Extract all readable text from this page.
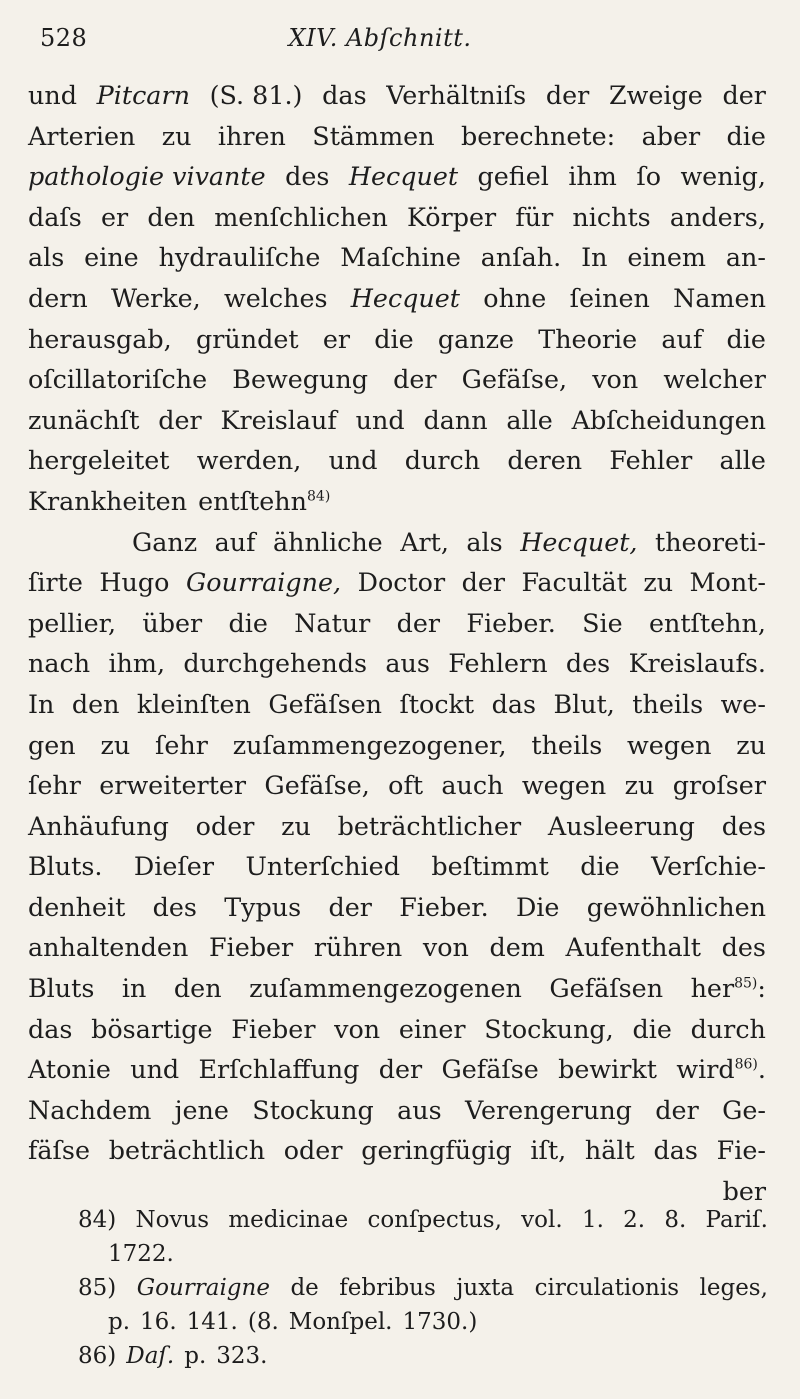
528	XIV. Abſchnitt.
und Pitcarn (S. 81.) das Verhältniſs der Zweige der
Arterien zu ihren Stämmen berechnete: aber die
pathologie vivante des Hecquet gefiel ihm ſo wenig,
daſs er den menſchlichen Körper für nichts anders,
als eine hydrauliſche Maſchine anſah. In einem an-
dern Werke, welches Hecquet ohne ſeinen Namen
herausgab, gründet er die ganze Theorie auf die
oſcillatoriſche Bewegung der Gefäſse, von welcher
zunächſt der Kreislauf und dann alle Abſcheidungen
hergeleitet werden, und durch deren Fehler alle
Krankheiten entſtehn$^{84)}$
Ganz auf ähnliche Art, als Hecquet, theoreti-
ſirte Hugo Gourraigne, Doctor der Facultät zu Mont-
pellier, über die Natur der Fieber. Sie entſtehn,
nach ihm, durchgehends aus Fehlern des Kreislaufs.
In den kleinſten Gefäſsen ſtockt das Blut, theils we-
gen zu ſehr zuſammengezogener, theils wegen zu
ſehr erweiterter Gefäſse, oft auch wegen zu groſser
Anhäufung oder zu beträchtlicher Ausleerung des
Bluts. Dieſer Unterſchied beſtimmt die Verſchie-
denheit des Typus der Fieber. Die gewöhnlichen
anhaltenden Fieber rühren von dem Aufenthalt des
Bluts in den zuſammengezogenen Gefäſsen her$^{85)}$:
das bösartige Fieber von einer Stockung, die durch
Atonie und Erſchlaffung der Gefäſse bewirkt wird$^{86)}$.
Nachdem jene Stockung aus Verengerung der Ge-
fäſse beträchtlich oder geringfügig iſt, hält das Fie-
ber
84) Novus medicinae conſpectus, vol. 1. 2. 8. Pariſ.
1722.
85) Gourraigne de febribus juxta circulationis leges,
p. 16. 141. (8. Monſpel. 1730.)
86) Daſ. p. 323.
